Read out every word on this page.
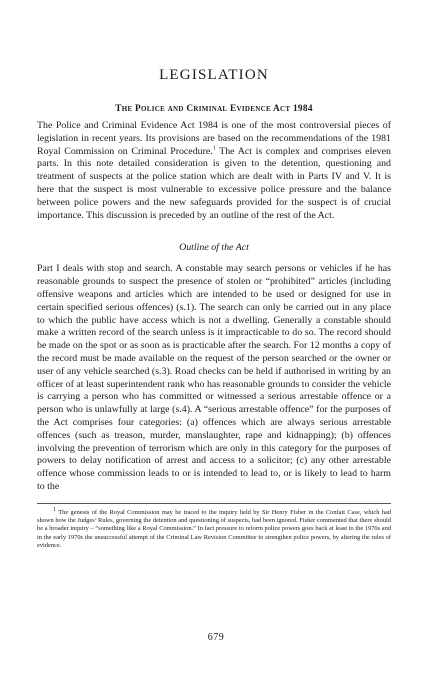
LEGISLATION
The Police and Criminal Evidence Act 1984

The Police and Criminal Evidence Act 1984 is one of the most controversial pieces of legislation in recent years. Its provisions are based on the recommendations of the 1981 Royal Commission on Criminal Procedure.$^1$ The Act is complex and comprises eleven parts. In this note detailed consideration is given to the detention, questioning and treatment of suspects at the police station which are dealt with in Parts IV and V. It is here that the suspect is most vulnerable to excessive police pressure and the balance between police powers and the new safeguards provided for the suspect is of crucial importance. This discussion is preceded by an outline of the rest of the Act.

Outline of the Act

Part I deals with stop and search. A constable may search persons or vehicles if he has reasonable grounds to suspect the presence of stolen or “prohibited” articles (including offensive weapons and articles which are intended to be used or designed for use in certain specified serious offences) (s.1). The search can only be carried out in any place to which the public have access which is not a dwelling. Generally a constable should make a written record of the search unless is it impracticable to do so. The record should be made on the spot or as soon as is practicable after the search. For 12 months a copy of the record must be made available on the request of the person searched or the owner or user of any vehicle searched (s.3). Road checks can be held if authorised in writing by an officer of at least superintendent rank who has reasonable grounds to consider the vehicle is carrying a person who has committed or witnessed a serious arrestable offence or a person who is unlawfully at large (s.4). A “serious arrestable offence” for the purposes of the Act comprises four categories: (a) offences which are always serious arrestable offences (such as treason, murder, manslaughter, rape and kidnapping); (b) offences involving the prevention of terrorism which are only in this category for the purposes of powers to delay notification of arrest and access to a solicitor; (c) any other arrestable offence whose commission leads to or is intended to lead to, or is likely to lead to harm to the

$^1$ The genesis of the Royal Commission may be traced to the inquiry held by Sir Henry Fisher in the Confait Case, which had shown how the Judges’ Rules, governing the detention and questioning of suspects, had been ignored. Fisher commented that there should be a broader inquiry – “something like a Royal Commission.” In fact pressure to reform police powers goes back at least to the 1970s and in the early 1970s the unsuccessful attempt of the Criminal Law Revision Committee to strengthen police powers, by altering the rules of evidence.

679
